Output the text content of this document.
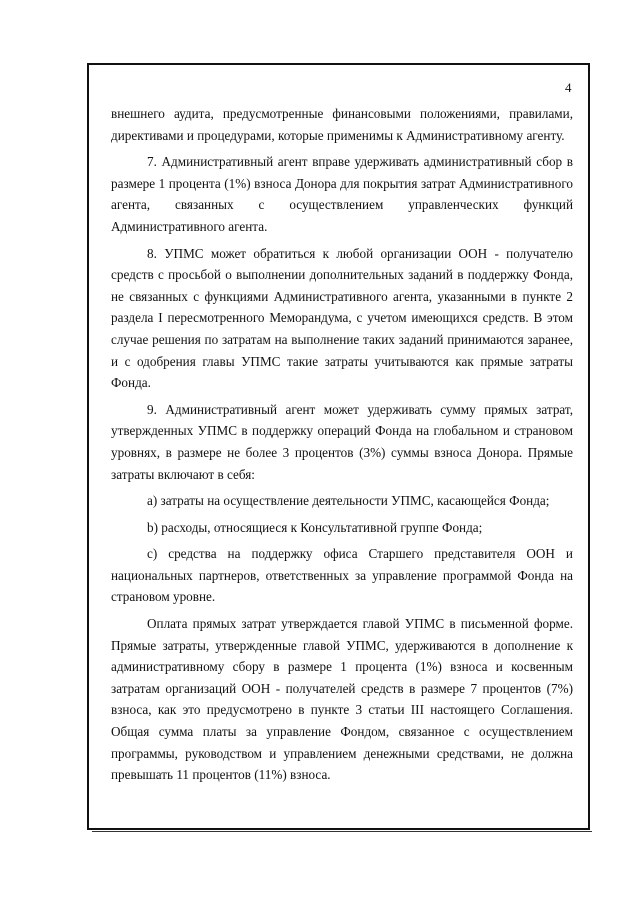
4

внешнего аудита, предусмотренные финансовыми положениями, правилами, директивами и процедурами, которые применимы к Административному агенту.

7. Административный агент вправе удерживать административный сбор в размере 1 процента (1%) взноса Донора для покрытия затрат Административного агента, связанных с осуществлением управленческих функций Административного агента.

8. УПМС может обратиться к любой организации ООН - получателю средств с просьбой о выполнении дополнительных заданий в поддержку Фонда, не связанных с функциями Административного агента, указанными в пункте 2 раздела I пересмотренного Меморандума, с учетом имеющихся средств. В этом случае решения по затратам на выполнение таких заданий принимаются заранее, и с одобрения главы УПМС такие затраты учитываются как прямые затраты Фонда.

9. Административный агент может удерживать сумму прямых затрат, утвержденных УПМС в поддержку операций Фонда на глобальном и страновом уровнях, в размере не более 3 процентов (3%) суммы взноса Донора. Прямые затраты включают в себя:

a) затраты на осуществление деятельности УПМС, касающейся Фонда;

b) расходы, относящиеся к Консультативной группе Фонда;

c) средства на поддержку офиса Старшего представителя ООН и национальных партнеров, ответственных за управление программой Фонда на страновом уровне.

Оплата прямых затрат утверждается главой УПМС в письменной форме. Прямые затраты, утвержденные главой УПМС, удерживаются в дополнение к административному сбору в размере 1 процента (1%) взноса и косвенным затратам организаций ООН - получателей средств в размере 7 процентов (7%) взноса, как это предусмотрено в пункте 3 статьи III настоящего Соглашения. Общая сумма платы за управление Фондом, связанное с осуществлением программы, руководством и управлением денежными средствами, не должна превышать 11 процентов (11%) взноса.
